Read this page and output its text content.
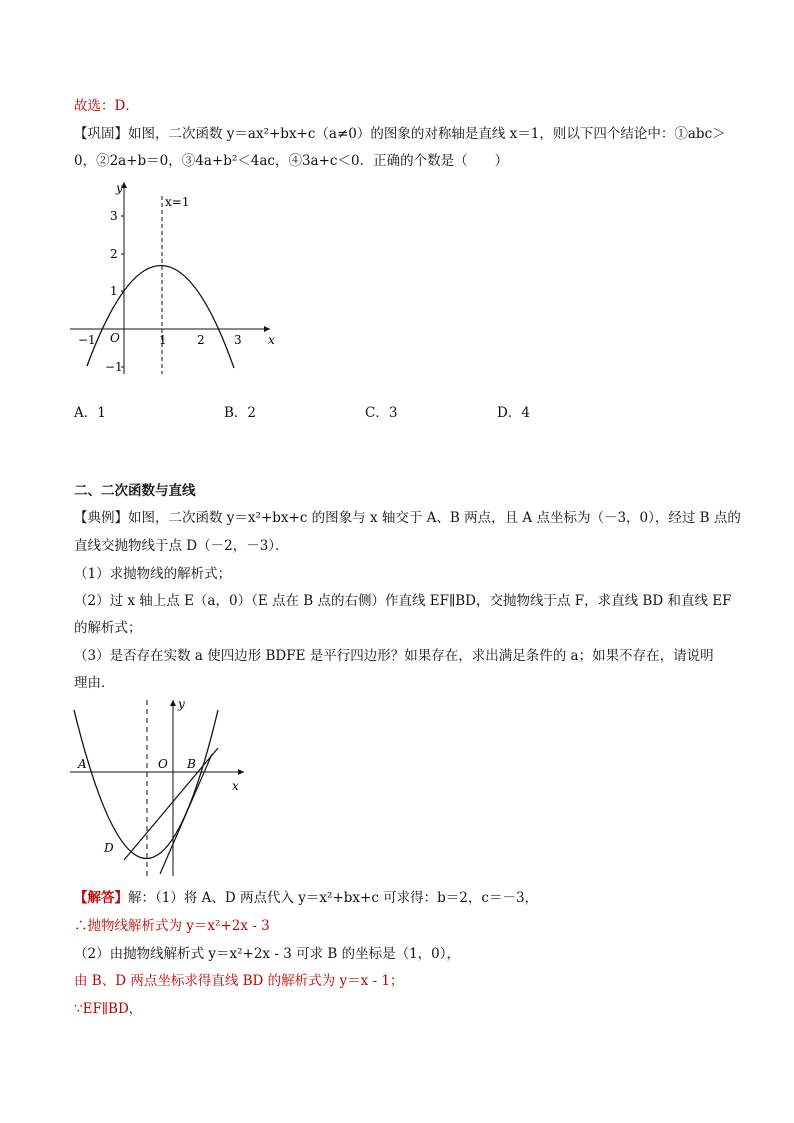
故选：D．
【巩固】如图，二次函数 y＝ax²+bx+c（a≠0）的图象的对称轴是直线 x＝1，则以下四个结论中：①abc＞
0，②2a+b＝0，③4a+b²＜4ac，④3a+c＜0．正确的个数是（　　）
y
x
O
x=1
−1	1	2 3
3
2
1
−1
A．1	B．2	C．3	D．4
二、二次函数与直线
【典例】如图，二次函数 y＝x²+bx+c 的图象与 x 轴交于 A、B 两点，且 A 点坐标为（－3，0），经过 B 点的
直线交抛物线于点 D（－2，－3）．
（1）求抛物线的解析式；
（2）过 x 轴上点 E（a，0）（E 点在 B 点的右侧）作直线 EF∥BD，交抛物线于点 F，求直线 BD 和直线 EF
的解析式；
（3）是否存在实数 a 使四边形 BDFE 是平行四边形？如果存在，求出满足条件的 a；如果不存在，请说明
理由．
y
x
A	O B
D
【解答】解：（1）将 A、D 两点代入 y＝x²+bx+c 可求得：b＝2，c＝－3，
∴抛物线解析式为 y＝x²+2x - 3
（2）由抛物线解析式 y＝x²+2x - 3 可求 B 的坐标是（1，0），
由 B、D 两点坐标求得直线 BD 的解析式为 y＝x - 1；
∵EF∥BD，
